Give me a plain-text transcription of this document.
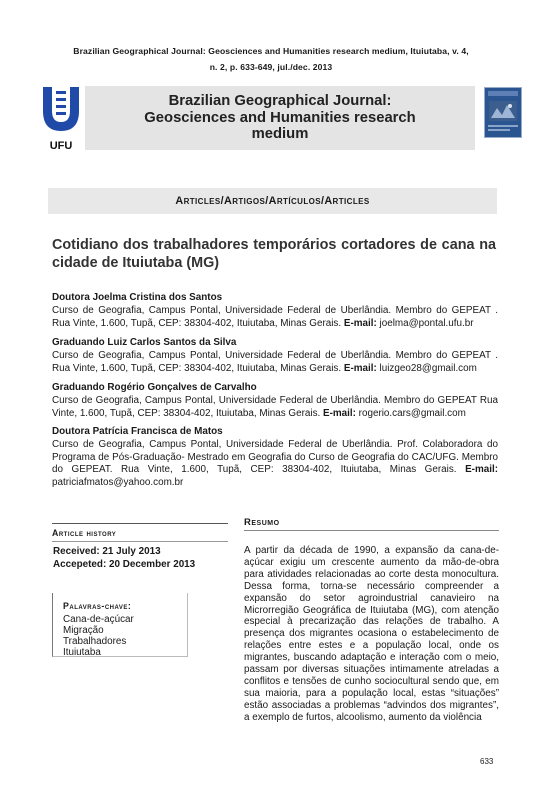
Brazilian Geographical Journal: Geosciences and Humanities research medium, Ituiutaba, v. 4,
n. 2, p. 633-649, jul./dec. 2013
UFU
Brazilian Geographical Journal:
Geosciences and Humanities research
medium
Articles/Artigos/Artículos/Articles
Cotidiano dos trabalhadores temporários cortadores de cana na cidade de Ituiutaba (MG)
Doutora Joelma Cristina dos Santos
Curso de Geografia, Campus Pontal, Universidade Federal de Uberlândia. Membro do GEPEAT . Rua Vinte, 1.600, Tupã, CEP: 38304-402, Ituiutaba, Minas Gerais. E-mail: joelma@pontal.ufu.br
Graduando Luiz Carlos Santos da Silva
Curso de Geografia, Campus Pontal, Universidade Federal de Uberlândia. Membro do GEPEAT . Rua Vinte, 1.600, Tupã, CEP: 38304-402, Ituiutaba, Minas Gerais. E-mail: luizgeo28@gmail.com
Graduando Rogério Gonçalves de Carvalho
Curso de Geografia, Campus Pontal, Universidade Federal de Uberlândia. Membro do GEPEAT Rua Vinte, 1.600, Tupã, CEP: 38304-402, Ituiutaba, Minas Gerais. E-mail: rogerio.cars@gmail.com
Doutora Patrícia Francisca de Matos
Curso de Geografia, Campus Pontal, Universidade Federal de Uberlândia. Prof. Colaboradora do Programa de Pós-Graduação- Mestrado em Geografia do Curso de Geografia do CAC/UFG. Membro do GEPEAT. Rua Vinte, 1.600, Tupã, CEP: 38304-402, Ituiutaba, Minas Gerais. E-mail: patriciafmatos@yahoo.com.br
Article history
Received: 21 July 2013
Accepeted: 20 December 2013
Palavras-chave:
Cana-de-açúcar
Migração
Trabalhadores
Ituiutaba
Resumo
A partir da década de 1990, a expansão da cana-de-açúcar exigiu um crescente aumento da mão-de-obra para atividades relacionadas ao corte desta monocultura. Dessa forma, torna-se necessário compreender a expansão do setor agroindustrial canavieiro na Microrregião Geográfica de Ituiutaba (MG), com atenção especial à precarização das relações de trabalho. A presença dos migrantes ocasiona o estabelecimento de relações entre estes e a população local, onde os migrantes, buscando adaptação e interação com o meio, passam por diversas situações intimamente atreladas a conflitos e tensões de cunho sociocultural sendo que, em sua maioria, para a população local, estas “situações” estão associadas a problemas “advindos dos migrantes”, a exemplo de furtos, alcoolismo, aumento da violência
633
